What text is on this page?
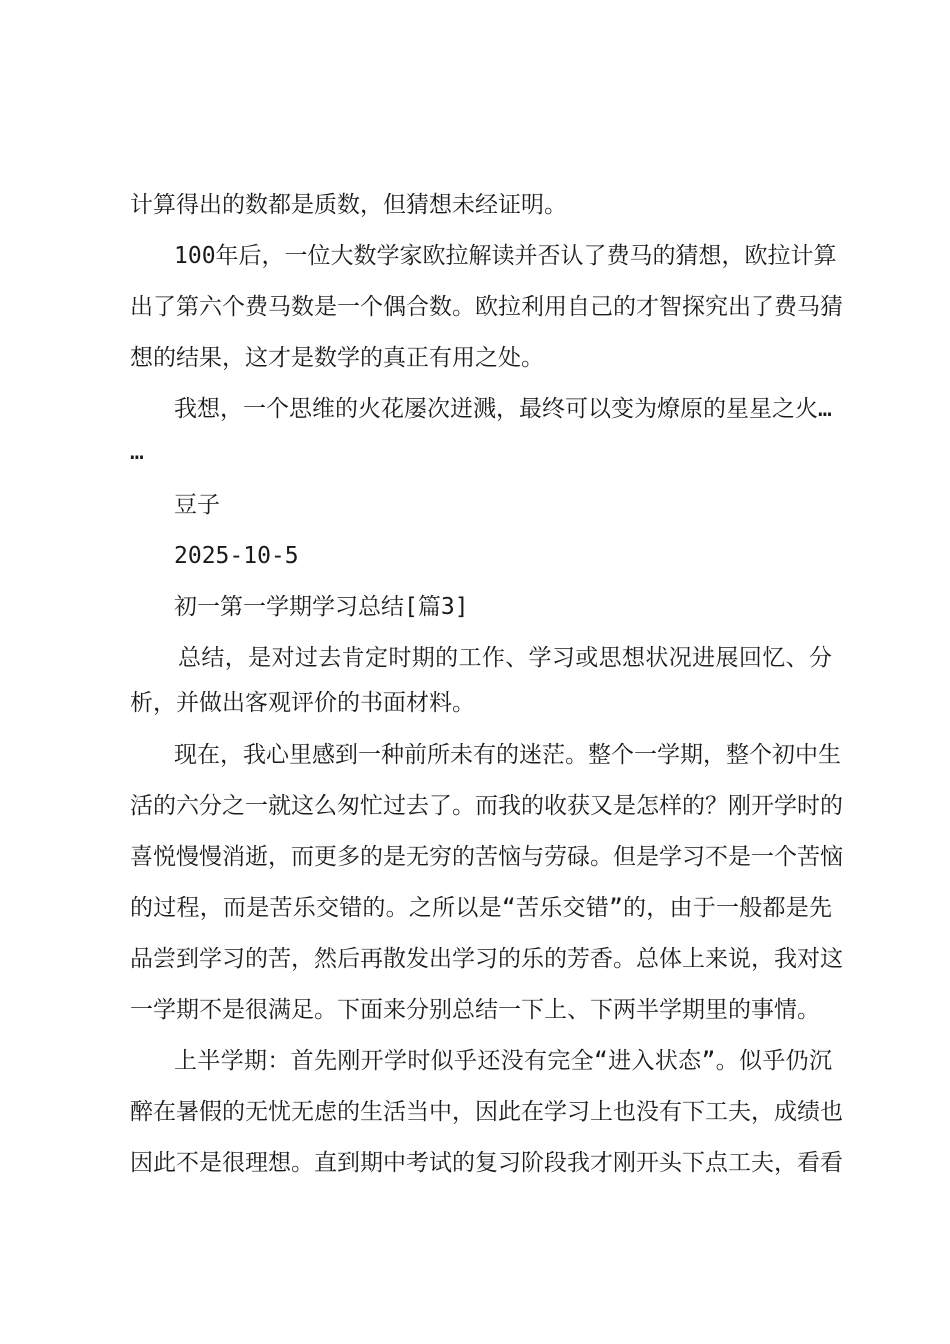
计算得出的数都是质数，但猜想未经证明。
100年后，一位大数学家欧拉解读并否认了费马的猜想，欧拉计算
出了第六个费马数是一个偶合数。欧拉利用自己的才智探究出了费马猜
想的结果，这才是数学的真正有用之处。
我想，一个思维的火花屡次迸溅，最终可以变为燎原的星星之火…
…
豆子
2025-10-5
初一第一学期学习总结[篇3]
总结，是对过去肯定时期的工作、学习或思想状况进展回忆、分
析，并做出客观评价的书面材料。
现在，我心里感到一种前所未有的迷茫。整个一学期，整个初中生
活的六分之一就这么匆忙过去了。而我的收获又是怎样的？刚开学时的
喜悦慢慢消逝，而更多的是无穷的苦恼与劳碌。但是学习不是一个苦恼
的过程，而是苦乐交错的。之所以是“苦乐交错”的，由于一般都是先
品尝到学习的苦，然后再散发出学习的乐的芳香。总体上来说，我对这
一学期不是很满足。下面来分别总结一下上、下两半学期里的事情。
上半学期：首先刚开学时似乎还没有完全“进入状态”。似乎仍沉
醉在暑假的无忧无虑的生活当中，因此在学习上也没有下工夫，成绩也
因此不是很理想。直到期中考试的复习阶段我才刚开头下点工夫，看看
